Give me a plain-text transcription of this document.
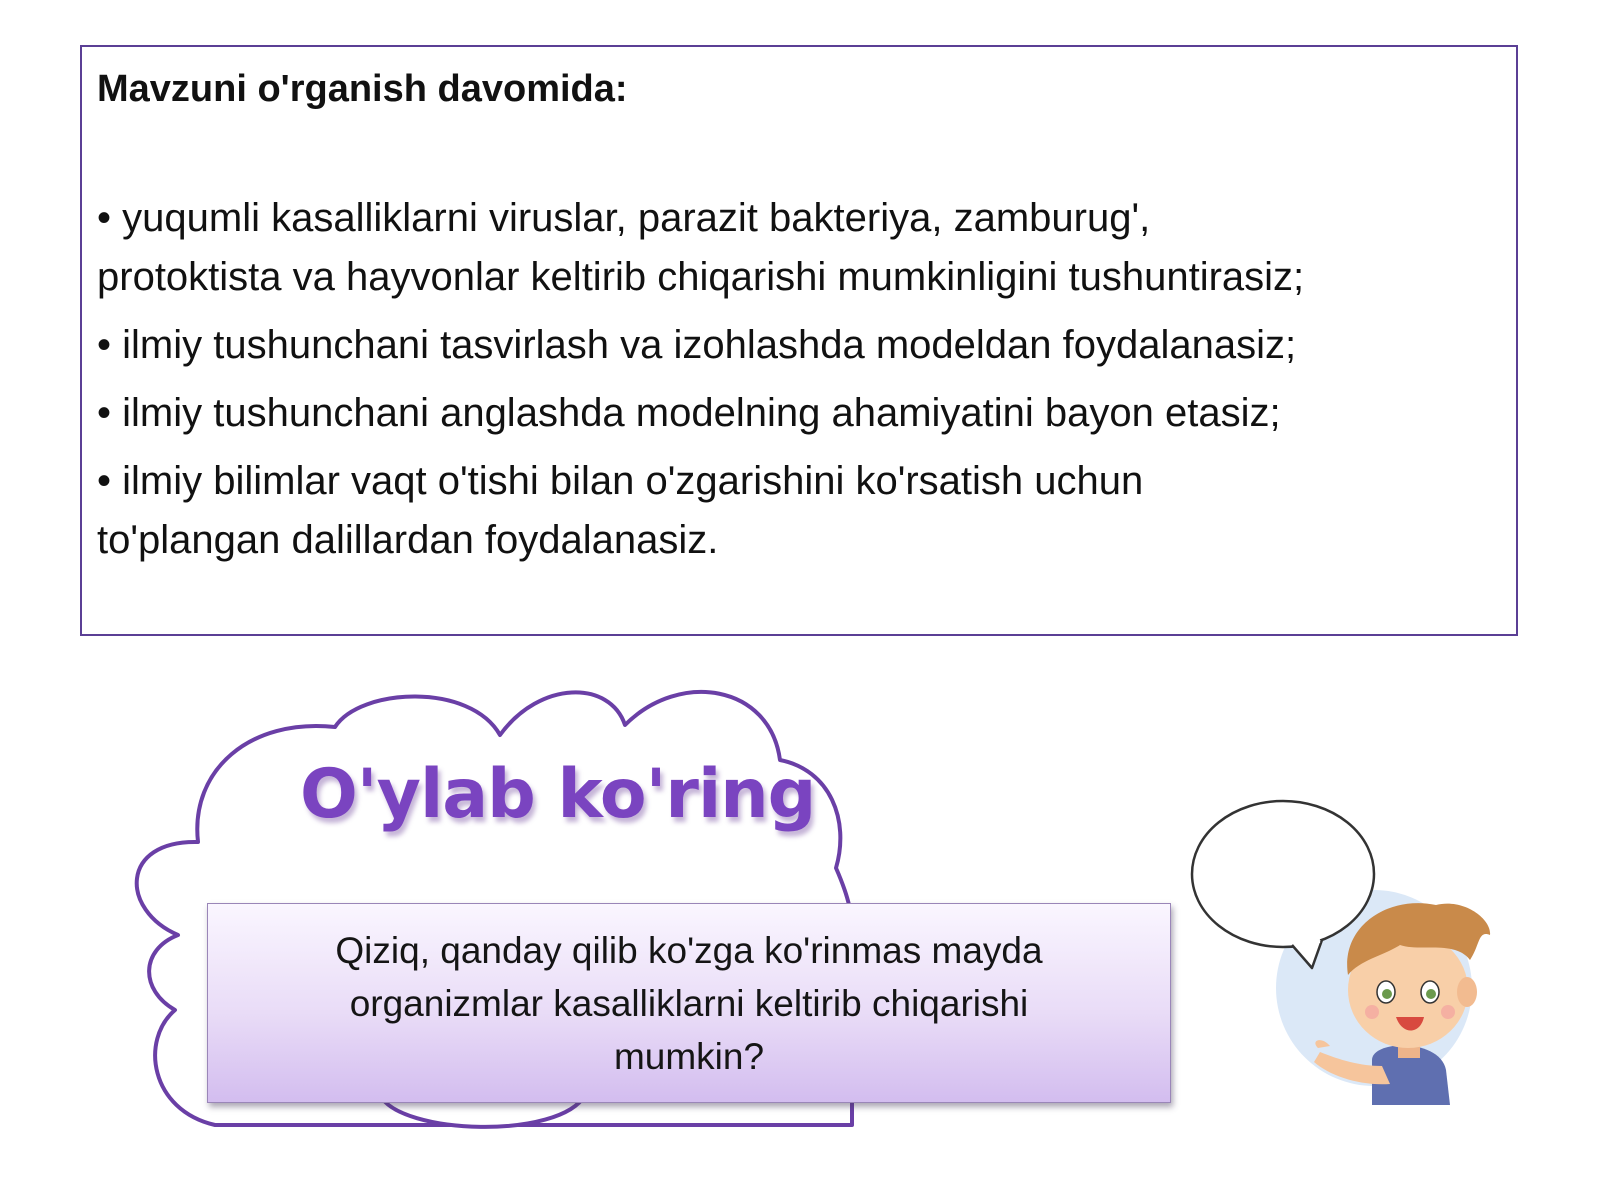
Mavzuni o'rganish davomida:
• yuqumli kasalliklarni viruslar, parazit bakteriya, zamburug',
protoktista va hayvonlar keltirib chiqarishi mumkinligini tushuntirasiz;
• ilmiy tushunchani tasvirlash va izohlashda modeldan foydalanasiz;
• ilmiy tushunchani anglashda modelning ahamiyatini bayon etasiz;
• ilmiy bilimlar vaqt o'tishi bilan o'zgarishini ko'rsatish uchun
to'plangan dalillardan foydalanasiz.
O'ylab ko'ring

Qiziq, qanday qilib ko'zga ko'rinmas mayda
organizmlar kasalliklarni keltirib chiqarishi
mumkin?
